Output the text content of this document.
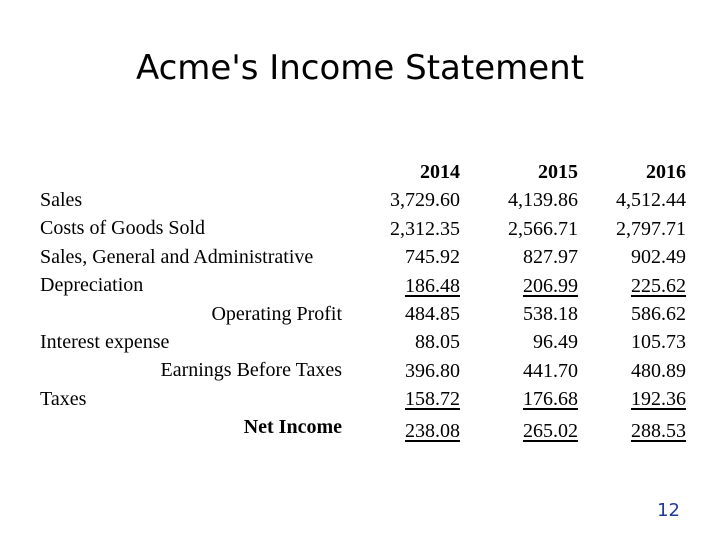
Acme's Income Statement
Sales
Costs of Goods Sold
Sales, General and Administrative
Depreciation
Operating Profit
Interest expense
Earnings Before Taxes
Taxes
Net Income
2014
3,729.60
2,312.35
745.92
186.48
484.85
88.05
396.80
158.72
238.08
2015
4,139.86
2,566.71
827.97
206.99
538.18
96.49
441.70
176.68
265.02
2016
4,512.44
2,797.71
902.49
225.62
586.62
105.73
480.89
192.36
288.53
12
